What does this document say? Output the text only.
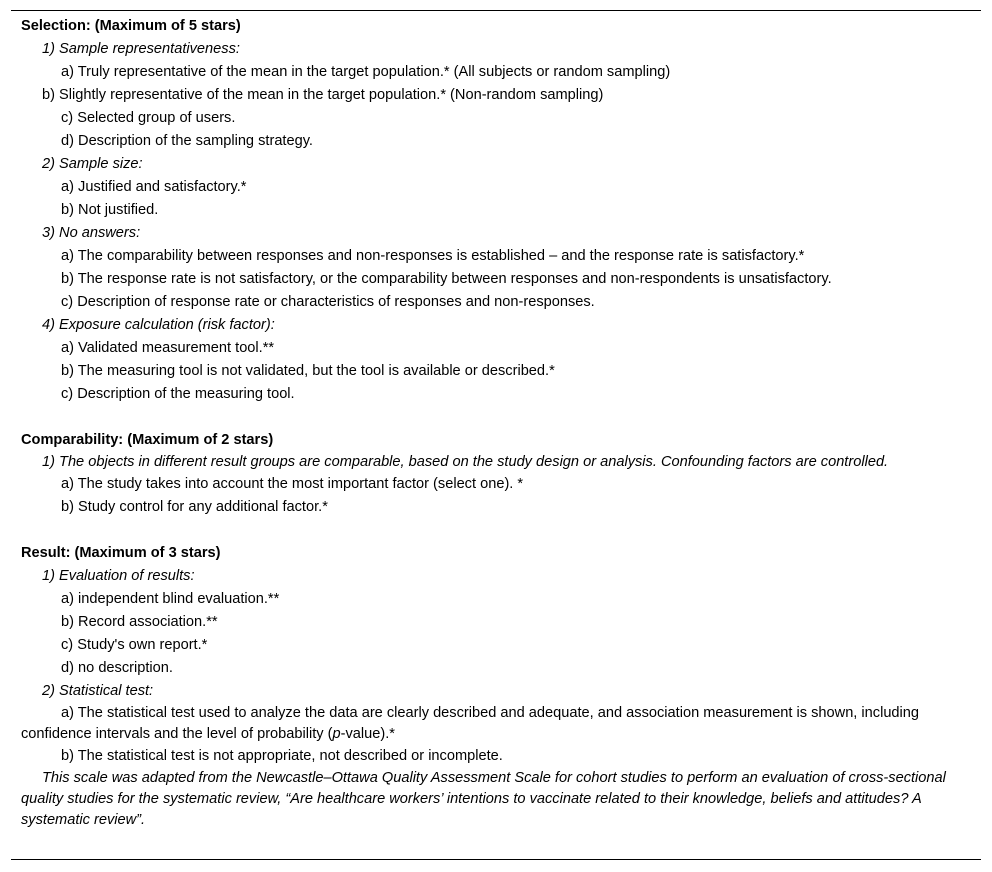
Selection: (Maximum of 5 stars)
1) Sample representativeness:
a) Truly representative of the mean in the target population.* (All subjects or random sampling)
b) Slightly representative of the mean in the target population.* (Non-random sampling)
c) Selected group of users.
d) Description of the sampling strategy.
2) Sample size:
a) Justified and satisfactory.*
b) Not justified.
3) No answers:
a) The comparability between responses and non-responses is established – and the response rate is satisfactory.*
b) The response rate is not satisfactory, or the comparability between responses and non-respondents is unsatisfactory.
c) Description of response rate or characteristics of responses and non-responses.
4) Exposure calculation (risk factor):
a) Validated measurement tool.**
b) The measuring tool is not validated, but the tool is available or described.*
c) Description of the measuring tool.
Comparability: (Maximum of 2 stars)
1) The objects in different result groups are comparable, based on the study design or analysis. Confounding factors are controlled.
a) The study takes into account the most important factor (select one). *
b) Study control for any additional factor.*
Result: (Maximum of 3 stars)
1) Evaluation of results:
a) independent blind evaluation.**
b) Record association.**
c) Study's own report.*
d) no description.
2) Statistical test:
a) The statistical test used to analyze the data are clearly described and adequate, and association measurement is shown, including confidence intervals and the level of probability (p-value).*
b) The statistical test is not appropriate, not described or incomplete.
This scale was adapted from the Newcastle–Ottawa Quality Assessment Scale for cohort studies to perform an evaluation of cross-sectional quality studies for the systematic review, “Are healthcare workers’ intentions to vaccinate related to their knowledge, beliefs and attitudes? A systematic review”.
